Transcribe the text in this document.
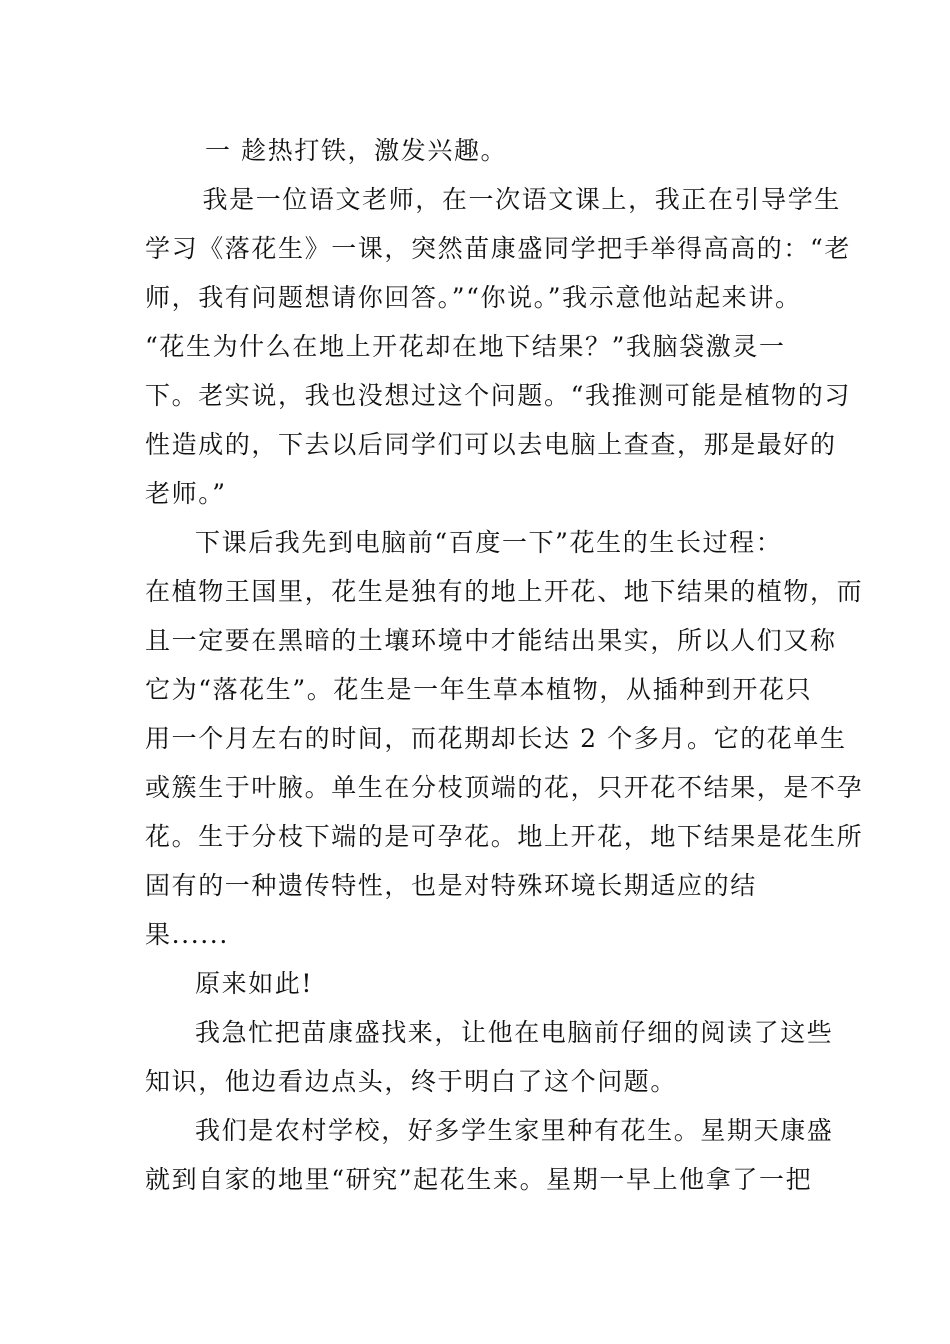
一 趁热打铁，激发兴趣。
我是一位语文老师，在一次语文课上，我正在引导学生
学习《落花生》一课，突然苗康盛同学把手举得高高的：“老
师，我有问题想请你回答。”“你说。”我示意他站起来讲。
“花生为什么在地上开花却在地下结果？”我脑袋激灵一
下。老实说，我也没想过这个问题。“我推测可能是植物的习
性造成的，下去以后同学们可以去电脑上查查，那是最好的
老师。”
下课后我先到电脑前“百度一下”花生的生长过程：
在植物王国里，花生是独有的地上开花、地下结果的植物，而
且一定要在黑暗的土壤环境中才能结出果实，所以人们又称
它为“落花生”。花生是一年生草本植物，从插种到开花只
用一个月左右的时间，而花期却长达 2 个多月。它的花单生
或簇生于叶腋。单生在分枝顶端的花，只开花不结果，是不孕
花。生于分枝下端的是可孕花。地上开花，地下结果是花生所
固有的一种遗传特性，也是对特殊环境长期适应的结
果......
原来如此!
我急忙把苗康盛找来，让他在电脑前仔细的阅读了这些
知识，他边看边点头，终于明白了这个问题。
我们是农村学校，好多学生家里种有花生。星期天康盛
就到自家的地里“研究”起花生来。星期一早上他拿了一把
